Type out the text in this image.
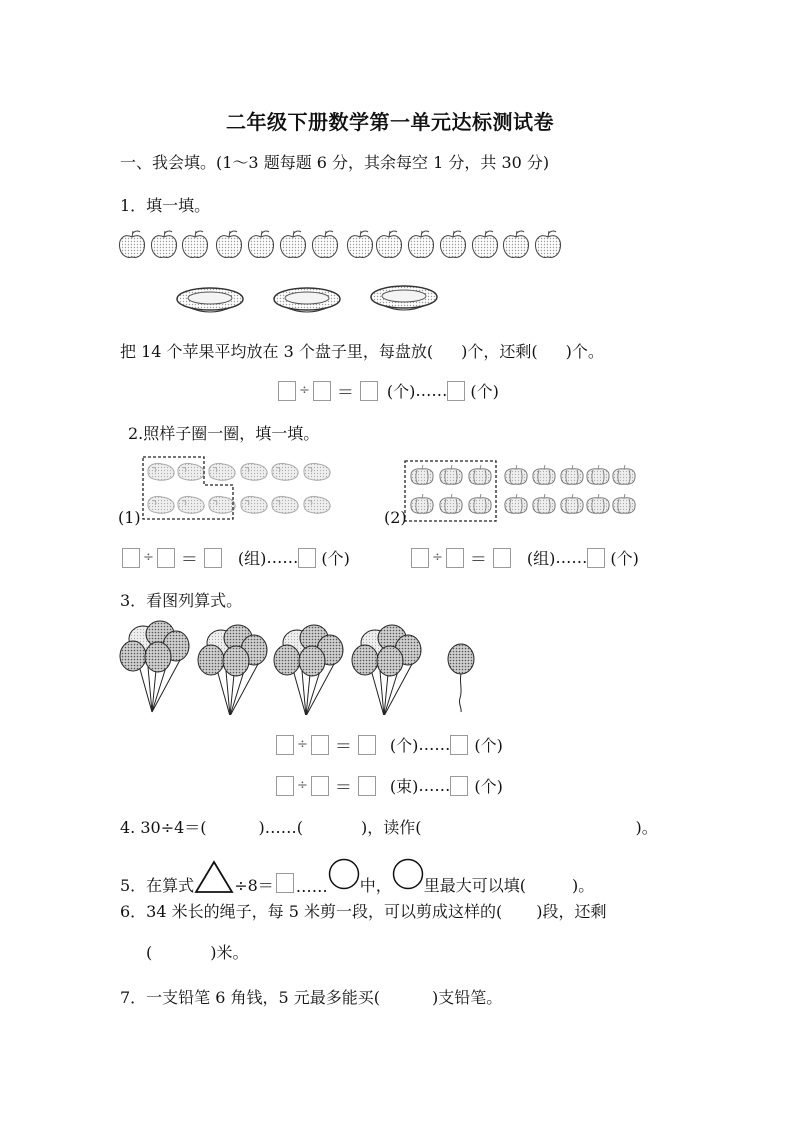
二年级下册数学第一单元达标测试卷
一、我会填。(1～3 题每题 6 分，其余每空 1 分，共 30 分)
1．填一填。
把 14 个苹果平均放在 3 个盘子里，每盘放( )个，还剩( )个。
÷ ＝ (个) …… (个)
2.照样子圈一圈，填一填。
(1)	(2)
÷ ＝	(组) …… (个)	÷ ＝	(组) …… (个)
3．看图列算式。
÷ ＝ (个) …… (个)
÷ ＝ (束) …… (个)
4. 30÷4＝(	)……(	)，读作(	)。
5．在算式	÷8＝ …… 中， 里最大可以填(	)。
6．34 米长的绳子，每 5 米剪一段，可以剪成这样的( )段，还剩
(	)米。
7．一支铅笔 6 角钱，5 元最多能买(	)支铅笔。
